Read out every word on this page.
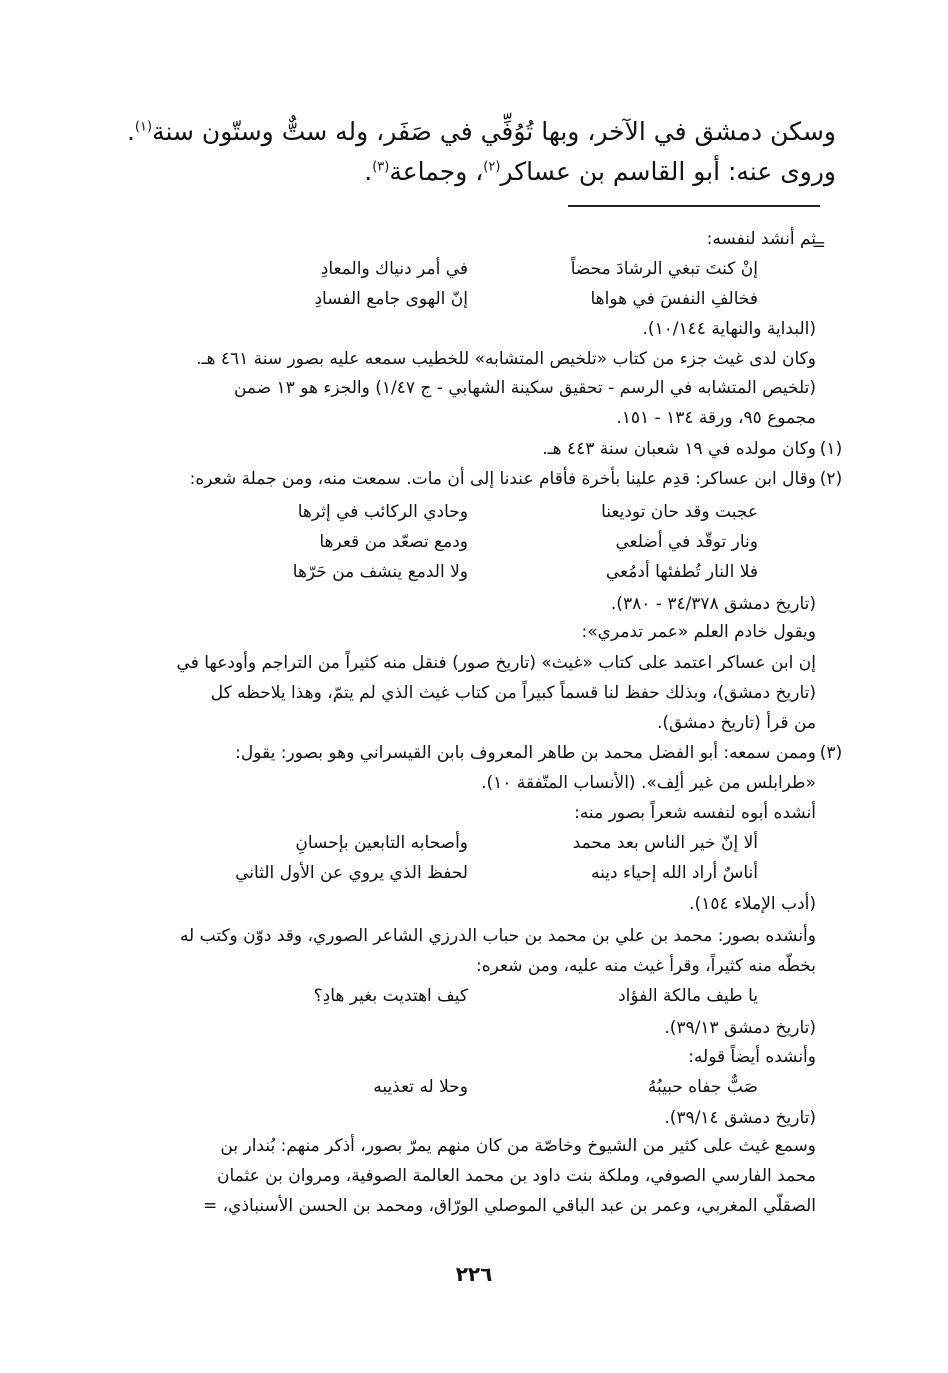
وسكن دمشق في الآخر، وبها تُوُفِّي في صَفَر، وله ستٌّ وستّون سنة$^{(١)}$.
وروى عنه: أبو القاسم بن عساكر$^{(٢)}$، وجماعة$^{(٣)}$.
=
ثم أنشد لنفسه:
إنْ كنتَ تبغي الرشادَ محضاً
في أمر دنياك والمعادِ
فخالفِ النفسَ في هواها
إنّ الهوى جامع الفسادِ
(البداية والنهاية ١٠/١٤٤).
وكان لدى غيث جزء من كتاب «تلخيص المتشابه» للخطيب سمعه عليه بصور سنة ٤٦١ هـ.
(تلخيص المتشابه في الرسم - تحقيق سكينة الشهابي - ج ١/٤٧) والجزء هو ١٣ ضمن
مجموع ٩٥، ورقة ١٣٤ - ١٥١.
(١)
وكان مولده في ١٩ شعبان سنة ٤٤٣ هـ.
(٢)
وقال ابن عساكر: قدِم علينا بأخرة فأقام عندنا إلى أن مات. سمعت منه، ومن جملة شعره:
عجبت وقد حان توديعنا
وحادي الركائب في إثرها
ونار توقّد في أضلعي
ودمع تصعّد من قعرها
فلا النار تُطفئها أدمُعي
ولا الدمع ينشف من حَرّها
(تاريخ دمشق ٣٤/٣٧٨ - ٣٨٠).
ويقول خادم العلم «عمر تدمري»:
إن ابن عساكر اعتمد على كتاب «غيث» (تاريخ صور) فنقل منه كثيراً من التراجم وأودعها في
(تاريخ دمشق)، وبذلك حفظ لنا قسماً كبيراً من كتاب غيث الذي لم يتمّ، وهذا يلاحظه كل
من قرأ (تاريخ دمشق).
(٣)
وممن سمعه: أبو الفضل محمد بن طاهر المعروف بابن القيسراني وهو بصور: يقول:
«طرابلس من غير ألِف». (الأنساب المتّفقة ١٠).
أنشده أبوه لنفسه شعراً بصور منه:
ألا إنّ خير الناس بعد محمد
وأصحابه التابعين بإحسانِ
أناسٌ أراد الله إحياء دينه
لحفظ الذي يروي عن الأول الثاني
(أدب الإملاء ١٥٤).
وأنشده بصور: محمد بن علي بن محمد بن حباب الدرزي الشاعر الصوري، وقد دوّن وكتب له
بخطّه منه كثيراً، وقرأ غيث منه عليه، ومن شعره:
يا طيف مالكة الفؤاد
كيف اهتديت بغير هادِ؟
(تاريخ دمشق ٣٩/١٣).
وأنشده أيضاً قوله:
صَبٌّ جفاه حبيبُهُ
وحلا له تعذيبه
(تاريخ دمشق ٣٩/١٤).
وسمع غيث على كثير من الشيوخ وخاصّة من كان منهم يمرّ بصور، أذكر منهم: بُندار بن
محمد الفارسي الصوفي، وملكة بنت داود بن محمد العالمة الصوفية، ومروان بن عثمان
الصقلّي المغربي، وعمر بن عبد الباقي الموصلي الورّاق، ومحمد بن الحسن الأسنباذي، =
٢٢٦
